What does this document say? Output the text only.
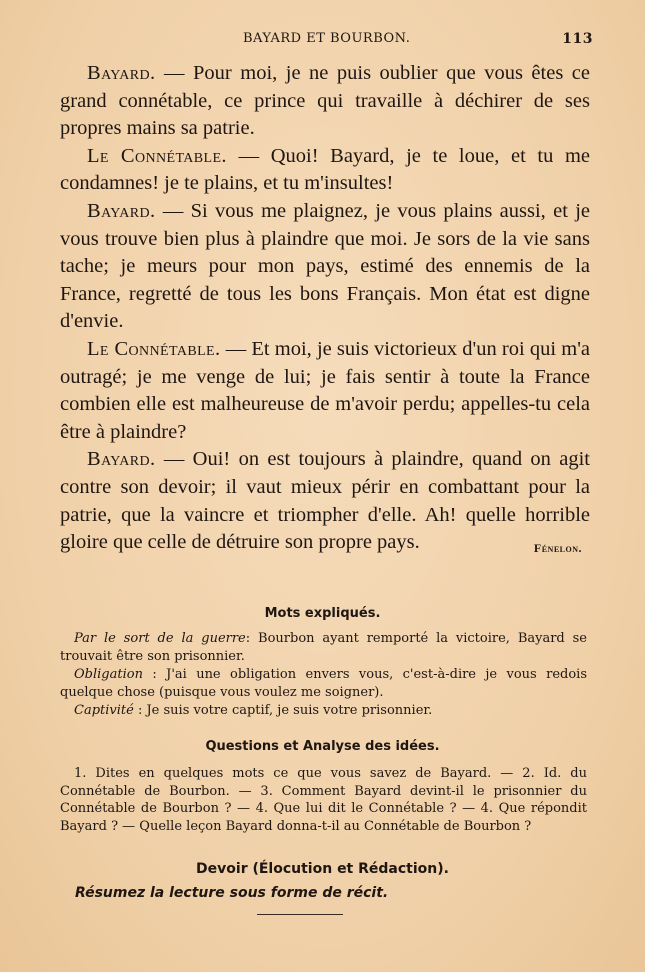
BAYARD ET BOURBON.	113

Bayard. — Pour moi, je ne puis oublier que vous êtes ce grand connétable, ce prince qui travaille à déchirer de ses propres mains sa patrie.

Le Connétable. — Quoi! Bayard, je te loue, et tu me condamnes! je te plains, et tu m'insultes!

Bayard. — Si vous me plaignez, je vous plains aussi, et je vous trouve bien plus à plaindre que moi. Je sors de la vie sans tache; je meurs pour mon pays, estimé des ennemis de la France, regretté de tous les bons Français. Mon état est digne d'envie.

Le Connétable. — Et moi, je suis victorieux d'un roi qui m'a outragé; je me venge de lui; je fais sentir à toute la France combien elle est malheureuse de m'avoir perdu; appelles-tu cela être à plaindre?

Bayard. — Oui! on est toujours à plaindre, quand on agit contre son devoir; il vaut mieux périr en combattant pour la patrie, que la vaincre et triompher d'elle. Ah! quelle horrible gloire que celle de détruire son propre pays.	Fénelon.

Mots expliqués.

Par le sort de la guerre: Bourbon ayant remporté la victoire, Bayard se trouvait être son prisonnier.

Obligation : J'ai une obligation envers vous, c'est-à-dire je vous redois quelque chose (puisque vous voulez me soigner).

Captivité : Je suis votre captif, je suis votre prisonnier.

Questions et Analyse des idées.
1. Dites en quelques mots ce que vous savez de Bayard. — 2. Id. du Connétable de Bourbon. — 3. Comment Bayard devint-il le prisonnier du Connétable de Bourbon ? — 4. Que lui dit le Connétable ? — 4. Que répondit Bayard ? — Quelle leçon Bayard donna-t-il au Connétable de Bourbon ?
Devoir (Élocution et Rédaction).
Résumez la lecture sous forme de récit.
